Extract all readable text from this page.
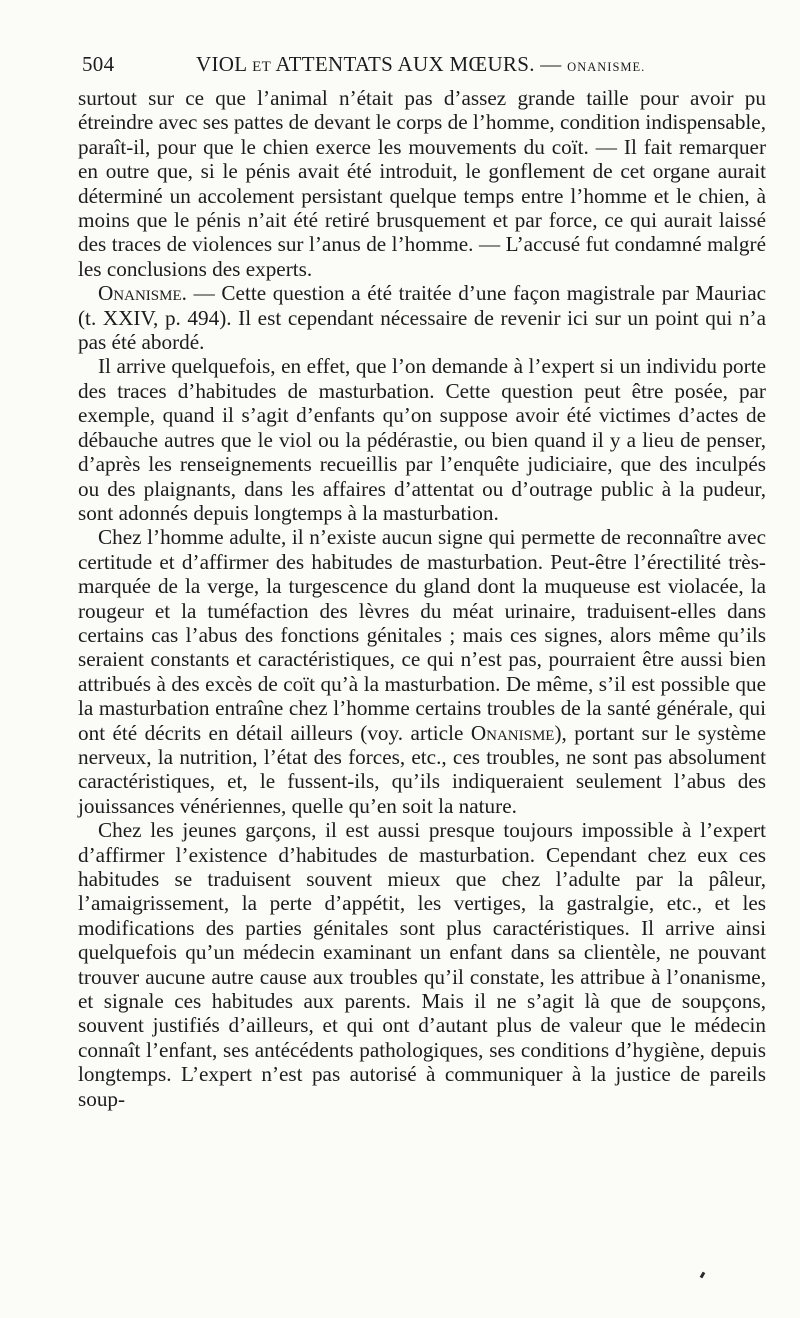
504	VIOL ET ATTENTATS AUX MŒURS. — ONANISME.

surtout sur ce que l’animal n’était pas d’assez grande taille pour avoir pu étreindre avec ses pattes de devant le corps de l’homme, condition indispensable, paraît-il, pour que le chien exerce les mouvements du coït. — Il fait remarquer en outre que, si le pénis avait été introduit, le gonflement de cet organe aurait déterminé un accolement persistant quelque temps entre l’homme et le chien, à moins que le pénis n’ait été retiré brusquement et par force, ce qui aurait laissé des traces de violences sur l’anus de l’homme. — L’accusé fut condamné malgré les conclusions des experts.

Onanisme. — Cette question a été traitée d’une façon magistrale par Mauriac (t. XXIV, p. 494). Il est cependant nécessaire de revenir ici sur un point qui n’a pas été abordé.

Il arrive quelquefois, en effet, que l’on demande à l’expert si un individu porte des traces d’habitudes de masturbation. Cette question peut être posée, par exemple, quand il s’agit d’enfants qu’on suppose avoir été victimes d’actes de débauche autres que le viol ou la pédérastie, ou bien quand il y a lieu de penser, d’après les renseignements recueillis par l’enquête judiciaire, que des inculpés ou des plaignants, dans les affaires d’attentat ou d’outrage public à la pudeur, sont adonnés depuis longtemps à la masturbation.

Chez l’homme adulte, il n’existe aucun signe qui permette de reconnaître avec certitude et d’affirmer des habitudes de masturbation. Peut-être l’érectilité très-marquée de la verge, la turgescence du gland dont la muqueuse est violacée, la rougeur et la tuméfaction des lèvres du méat urinaire, traduisent-elles dans certains cas l’abus des fonctions génitales ; mais ces signes, alors même qu’ils seraient constants et caractéristiques, ce qui n’est pas, pourraient être aussi bien attribués à des excès de coït qu’à la masturbation. De même, s’il est possible que la masturbation entraîne chez l’homme certains troubles de la santé générale, qui ont été décrits en détail ailleurs (voy. article Onanisme), portant sur le système nerveux, la nutrition, l’état des forces, etc., ces troubles, ne sont pas absolument caractéristiques, et, le fussent-ils, qu’ils indiqueraient seulement l’abus des jouissances vénériennes, quelle qu’en soit la nature.

Chez les jeunes garçons, il est aussi presque toujours impossible à l’expert d’affirmer l’existence d’habitudes de masturbation. Cependant chez eux ces habitudes se traduisent souvent mieux que chez l’adulte par la pâleur, l’amaigrissement, la perte d’appétit, les vertiges, la gastralgie, etc., et les modifications des parties génitales sont plus caractéristiques. Il arrive ainsi quelquefois qu’un médecin examinant un enfant dans sa clientèle, ne pouvant trouver aucune autre cause aux troubles qu’il constate, les attribue à l’onanisme, et signale ces habitudes aux parents. Mais il ne s’agit là que de soupçons, souvent justifiés d’ailleurs, et qui ont d’autant plus de valeur que le médecin connaît l’enfant, ses antécédents pathologiques, ses conditions d’hygiène, depuis longtemps. L’expert n’est pas autorisé à communiquer à la justice de pareils soup-
